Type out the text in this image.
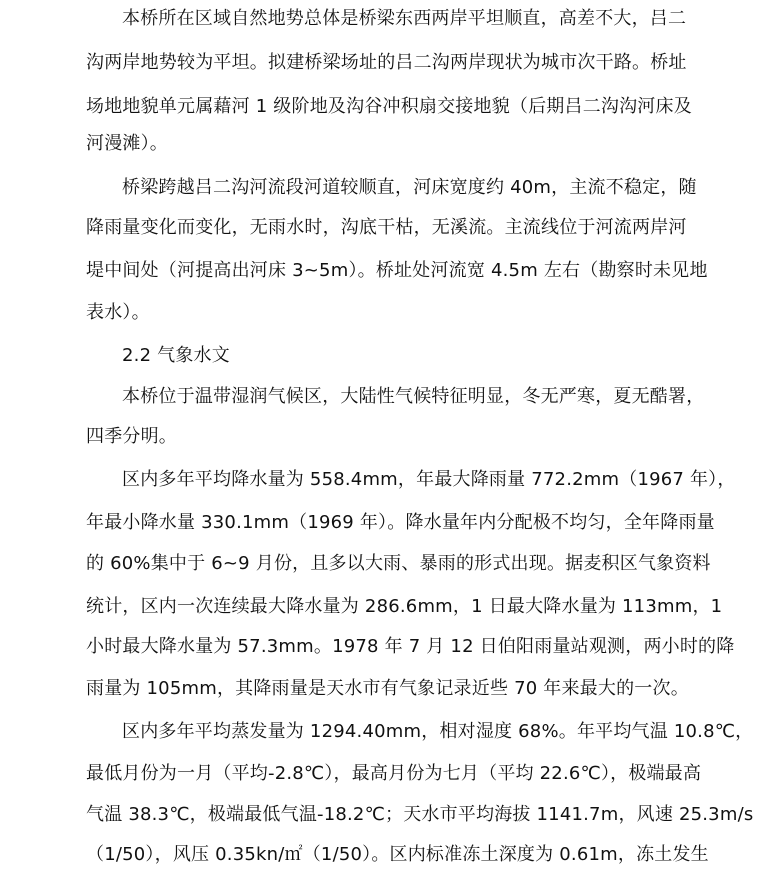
本桥所在区域自然地势总体是桥梁东西两岸平坦顺直，高差不大，吕二
沟两岸地势较为平坦。拟建桥梁场址的吕二沟两岸现状为城市次干路。桥址
场地地貌单元属藉河 1 级阶地及沟谷冲积扇交接地貌（后期吕二沟沟河床及
河漫滩）。
桥梁跨越吕二沟河流段河道较顺直，河床宽度约 40m，主流不稳定，随
降雨量变化而变化，无雨水时，沟底干枯，无溪流。主流线位于河流两岸河
堤中间处（河提高出河床 3~5m）。桥址处河流宽 4.5m 左右（勘察时未见地
表水）。
2.2 气象水文
本桥位于温带湿润气候区，大陆性气候特征明显，冬无严寒，夏无酷署，
四季分明。
区内多年平均降水量为 558.4mm，年最大降雨量 772.2mm（1967 年），
年最小降水量 330.1mm（1969 年）。降水量年内分配极不均匀，全年降雨量
的 60%集中于 6~9 月份，且多以大雨、暴雨的形式出现。据麦积区气象资料
统计，区内一次连续最大降水量为 286.6mm，1 日最大降水量为 113mm，1
小时最大降水量为 57.3mm。1978 年 7 月 12 日伯阳雨量站观测，两小时的降
雨量为 105mm，其降雨量是天水市有气象记录近些 70 年来最大的一次。
区内多年平均蒸发量为 1294.40mm，相对湿度 68%。年平均气温 10.8℃，
最低月份为一月（平均-2.8℃），最高月份为七月（平均 22.6℃），极端最高
气温 38.3℃，极端最低气温-18.2℃；天水市平均海拔 1141.7m，风速 25.3m/s
（1/50），风压 0.35kn/㎡（1/50）。区内标准冻土深度为 0.61m，冻土发生
